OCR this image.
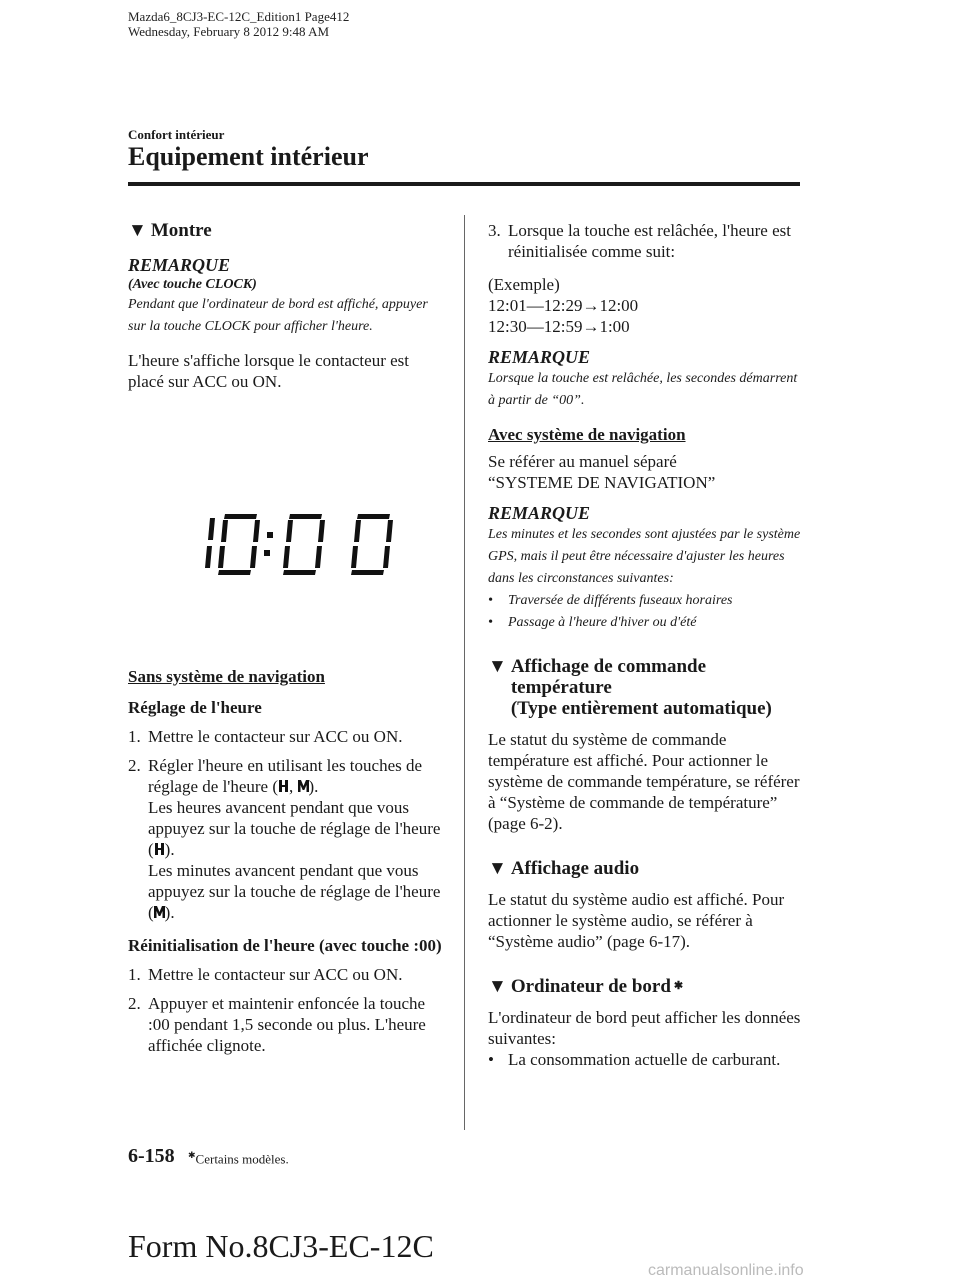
Mazda6_8CJ3-EC-12C_Edition1 Page412
Wednesday, February 8 2012 9:48 AM
Confort intérieur
Equipement intérieur
▼ Montre
REMARQUE
(Avec touche CLOCK)
Pendant que l'ordinateur de bord est affiché, appuyer sur la touche CLOCK pour afficher l'heure.

L'heure s'affiche lorsque le contacteur est placé sur ACC ou ON.

Sans système de navigation

Réglage de l'heure

1. Mettre le contacteur sur ACC ou ON.
2. Régler l'heure en utilisant les touches de réglage de l'heure ( , ).
Les heures avancent pendant que vous appuyez sur la touche de réglage de l'heure ( ).
Les minutes avancent pendant que vous appuyez sur la touche de réglage de l'heure ( ).

Réinitialisation de l'heure (avec touche :00)

1. Mettre le contacteur sur ACC ou ON.
2. Appuyer et maintenir enfoncée la touche :00 pendant 1,5 seconde ou plus. L'heure affichée clignote.
3. Lorsque la touche est relâchée, l'heure est réinitialisée comme suit:

(Exemple)

12:01―12:29→12:00

12:30―12:59→1:00

REMARQUE
Lorsque la touche est relâchée, les secondes démarrent à partir de “00”.

Avec système de navigation

Se référer au manuel séparé

“SYSTEME DE NAVIGATION”

REMARQUE
Les minutes et les secondes sont ajustées par le système GPS, mais il peut être nécessaire d'ajuster les heures dans les circonstances suivantes:
•	Traversée de différents fuseaux horaires
•	Passage à l'heure d'hiver ou d'été
▼ Affichage de commande température
(Type entièrement automatique)

Le statut du système de commande température est affiché. Pour actionner le système de commande température, se référer à “Système de commande de température” (page 6-2).

▼ Affichage audio

Le statut du système audio est affiché. Pour actionner le système audio, se référer à “Système audio” (page 6-17).

▼ Ordinateur de bord ✱

L'ordinateur de bord peut afficher les données suivantes:

• La consommation actuelle de carburant.
6-158 ✱Certains modèles.
Form No.8CJ3-EC-12C
carmanualsonline.info
